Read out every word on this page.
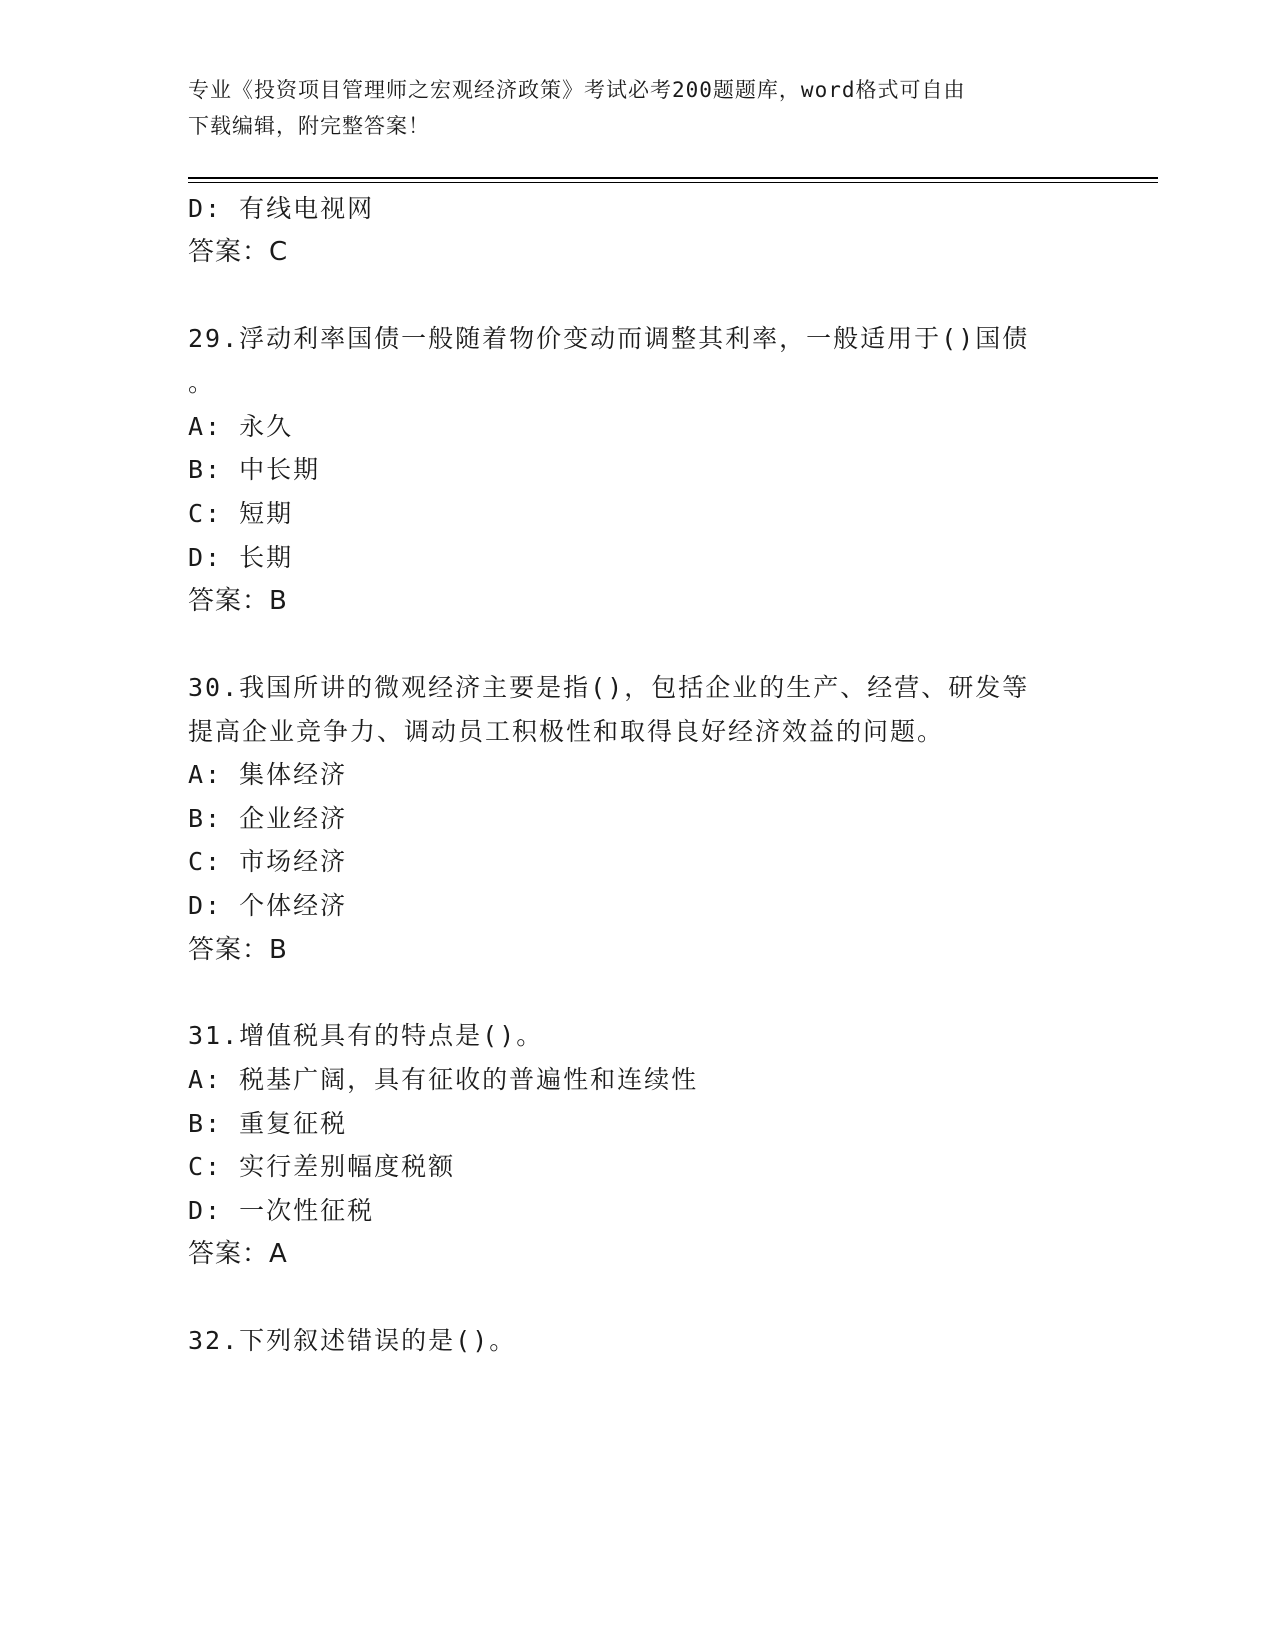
专业《投资项目管理师之宏观经济政策》考试必考200题题库，word格式可自由
下载编辑，附完整答案！
D: 有线电视网
答案：C
29.浮动利率国债一般随着物价变动而调整其利率，一般适用于()国债
。
A: 永久
B: 中长期
C: 短期
D: 长期
答案：B
30.我国所讲的微观经济主要是指()，包括企业的生产、经营、研发等
提高企业竞争力、调动员工积极性和取得良好经济效益的问题。
A: 集体经济
B: 企业经济
C: 市场经济
D: 个体经济
答案：B
31.增值税具有的特点是()。
A: 税基广阔，具有征收的普遍性和连续性
B: 重复征税
C: 实行差别幅度税额
D: 一次性征税
答案：A
32.下列叙述错误的是()。
